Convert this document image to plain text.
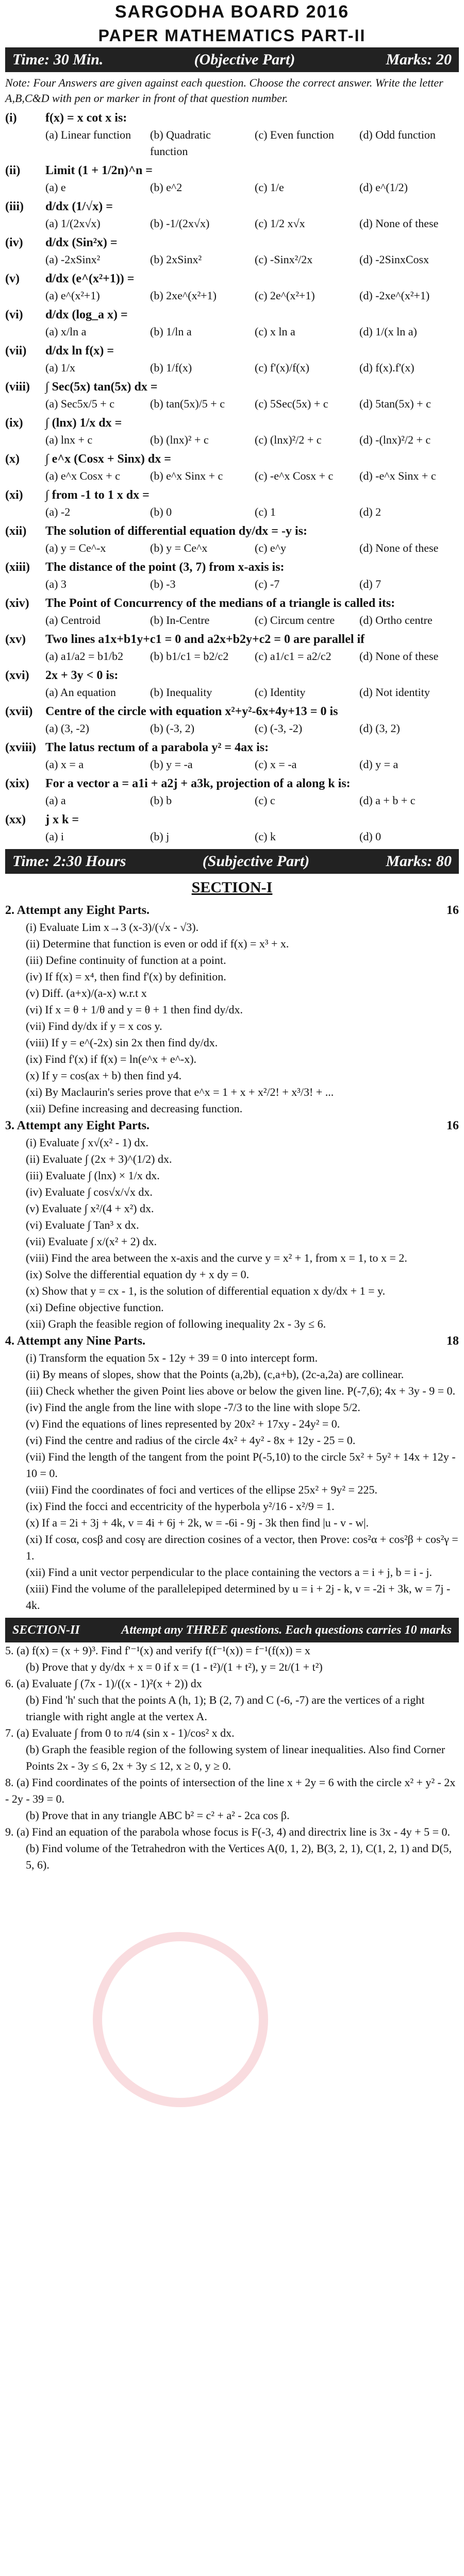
SARGODHA BOARD 2016
PAPER MATHEMATICS PART-II
Time: 30 Min.	(Objective Part)	Marks: 20
Note: Four Answers are given against each question. Choose the correct answer. Write the letter A,B,C&D with pen or marker in front of that question number.
(i)	f(x) = x cot x is:
(a) Linear function	(b) Quadratic function
(c) Even function	(d) Odd function
(ii)	Limit (1 + 1/2n)^n =
(a) e	(b) e^2	(c) 1/e	(d) e^(1/2)
(iii)	d/dx (1/√x) =
(a) 1/(2x√x)	(b) -1/(2x√x)	(c) 1/2 x√x	(d) None of these
(iv)	d/dx (Sin²x) =
(a) -2xSinx²	(b) 2xSinx²	(c) -Sinx²/2x	(d) -2SinxCosx
(v)	d/dx (e^(x²+1)) =
(a) e^(x²+1)	(b) 2xe^(x²+1)	(c) 2e^(x²+1)	(d) -2xe^(x²+1)
(vi)	d/dx (log_a x) =
(a) x/ln a	(b) 1/ln a	(c) x ln a	(d) 1/(x ln a)
(vii)	d/dx ln f(x) =
(a) 1/x	(b) 1/f(x)	(c) f'(x)/f(x)	(d) f(x).f'(x)
(viii)	∫ Sec(5x) tan(5x) dx =
(a) Sec5x/5 + c	(b) tan(5x)/5 + c	(c) 5Sec(5x) + c	(d) 5tan(5x) + c
(ix)	∫ (lnx) 1/x dx =
(a) lnx + c	(b) (lnx)² + c	(c) (lnx)²/2 + c	(d) -(lnx)²/2 + c
(x)	∫ e^x (Cosx + Sinx) dx =
(a) e^x Cosx + c	(b) e^x Sinx + c	(c) -e^x Cosx + c	(d) -e^x Sinx + c
(xi)	∫ from -1 to 1 x dx =
(a) -2	(b) 0	(c) 1	(d) 2
(xii)	The solution of differential equation dy/dx = -y is:
(a) y = Ce^-x	(b) y = Ce^x	(c) e^y	(d) None of these
(xiii)	The distance of the point (3, 7) from x-axis is:
(a) 3	(b) -3	(c) -7	(d) 7
(xiv)	The Point of Concurrency of the medians of a triangle is called its:
(a) Centroid	(b) In-Centre	(c) Circum centre	(d) Ortho centre
(xv)	Two lines a1x+b1y+c1 = 0 and a2x+b2y+c2 = 0 are parallel if
(a) a1/a2 = b1/b2	(b) b1/c1 = b2/c2	(c) a1/c1 = a2/c2	(d) None of these
(xvi)	2x + 3y < 0 is:
(a) An equation	(b) Inequality	(c) Identity	(d) Not identity
(xvii)	Centre of the circle with equation x²+y²-6x+4y+13 = 0 is
(a) (3, -2)	(b) (-3, 2)	(c) (-3, -2)	(d) (3, 2)
(xviii) The latus rectum of a parabola y² = 4ax is:
(a) x = a	(b) y = -a	(c) x = -a	(d) y = a
(xix)	For a vector a = a1i + a2j + a3k, projection of a along k is:
(a) a	(b) b	(c) c	(d) a + b + c
(xx)	j x k =
(a) i	(b) j	(c) k	(d) 0
Time: 2:30 Hours	(Subjective Part)	Marks: 80
SECTION-I
2. Attempt any Eight Parts.	16
(i) Evaluate Lim x→3 (x-3)/(√x - √3).
(ii) Determine that function is even or odd if f(x) = x³ + x.
(iii) Define continuity of function at a point.
(iv) If f(x) = x⁴, then find f'(x) by definition.
(v) Diff. (a+x)/(a-x) w.r.t x
(vi) If x = θ + 1/θ and y = θ + 1 then find dy/dx.
(vii) Find dy/dx if y = x cos y.
(viii) If y = e^(-2x) sin 2x then find dy/dx.
(ix) Find f'(x) if f(x) = ln(e^x + e^-x).
(x) If y = cos(ax + b) then find y4.
(xi) By Maclaurin's series prove that e^x = 1 + x + x²/2! + x³/3! + ...
(xii) Define increasing and decreasing function.
3. Attempt any Eight Parts.	16
(i) Evaluate ∫ x√(x² - 1) dx.
(ii) Evaluate ∫ (2x + 3)^(1/2) dx.
(iii) Evaluate ∫ (lnx) × 1/x dx.
(iv) Evaluate ∫ cos√x/√x dx.
(v) Evaluate ∫ x²/(4 + x²) dx.
(vi) Evaluate ∫ Tan³ x dx.
(vii) Evaluate ∫ x/(x² + 2) dx.
(viii) Find the area between the x-axis and the curve y = x² + 1, from x = 1, to x = 2.
(ix) Solve the differential equation dy + x dy = 0.
(x) Show that y = cx - 1, is the solution of differential equation x dy/dx + 1 = y.
(xi) Define objective function.
(xii) Graph the feasible region of following inequality 2x - 3y ≤ 6.
4. Attempt any Nine Parts.	18
(i) Transform the equation 5x - 12y + 39 = 0 into intercept form.
(ii) By means of slopes, show that the Points (a,2b), (c,a+b), (2c-a,2a) are collinear.
(iii) Check whether the given Point lies above or below the given line. P(-7,6); 4x + 3y - 9 = 0.
(iv) Find the angle from the line with slope -7/3 to the line with slope 5/2.
(v) Find the equations of lines represented by 20x² + 17xy - 24y² = 0.
(vi) Find the centre and radius of the circle 4x² + 4y² - 8x + 12y - 25 = 0.
(vii) Find the length of the tangent from the point P(-5,10) to the circle 5x² + 5y² + 14x + 12y - 10 = 0.
(viii) Find the coordinates of foci and vertices of the ellipse 25x² + 9y² = 225.
(ix) Find the focci and eccentricity of the hyperbola y²/16 - x²/9 = 1.
(x) If a = 2i + 3j + 4k, v = 4i + 6j + 2k, w = -6i - 9j - 3k then find |u - v - w|.
(xi) If cosα, cosβ and cosγ are direction cosines of a vector, then Prove: cos²α + cos²β + cos²γ = 1.
(xii) Find a unit vector perpendicular to the place containing the vectors a = i + j, b = i - j.
(xiii) Find the volume of the parallelepiped determined by u = i + 2j - k, v = -2i + 3k, w = 7j - 4k.
SECTION-II	Attempt any THREE questions. Each questions carries 10 marks
5. (a) f(x) = (x + 9)³. Find f'⁻¹(x) and verify f(f⁻¹(x)) = f⁻¹(f(x)) = x
(b) Prove that y dy/dx + x = 0 if x = (1 - t²)/(1 + t²), y = 2t/(1 + t²)
6. (a) Evaluate ∫ (7x - 1)/((x - 1)²(x + 2)) dx
(b) Find 'h' such that the points A (h, 1); B (2, 7) and C (-6, -7) are the vertices of a right triangle with right angle at the vertex A.
7. (a) Evaluate ∫ from 0 to π/4 (sin x - 1)/cos² x dx.
(b) Graph the feasible region of the following system of linear inequalities. Also find Corner Points 2x - 3y ≤ 6, 2x + 3y ≤ 12, x ≥ 0, y ≥ 0.
8. (a) Find coordinates of the points of intersection of the line x + 2y = 6 with the circle x² + y² - 2x - 2y - 39 = 0.
(b) Prove that in any triangle ABC b² = c² + a² - 2ca cos β.
9. (a) Find an equation of the parabola whose focus is F(-3, 4) and directrix line is 3x - 4y + 5 = 0.
(b) Find volume of the Tetrahedron with the Vertices A(0, 1, 2), B(3, 2, 1), C(1, 2, 1) and D(5, 5, 6).
